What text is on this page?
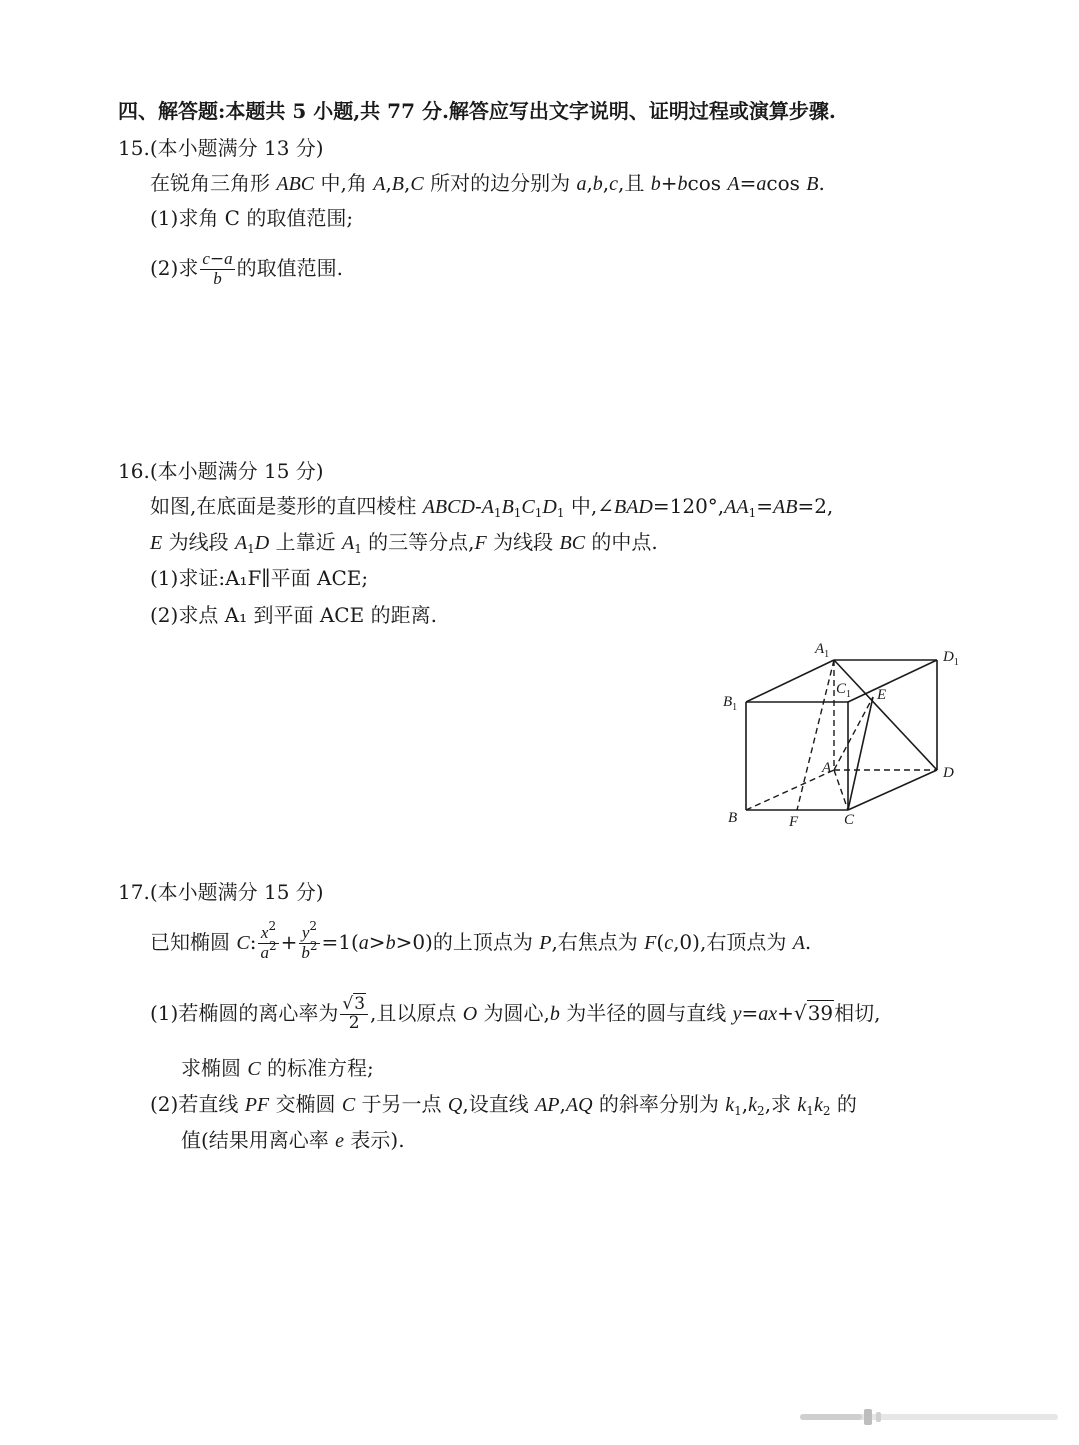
四、解答题:本题共 5 小题,共 77 分.解答应写出文字说明、证明过程或演算步骤.
15.(本小题满分 13 分)
在锐角三角形 ABC 中,角 A,B,C 所对的边分别为 a,b,c,且 b+bcos A=acos B.
(1)求角 C 的取值范围;
(2)求 $\frac{c-a}{b}$ 的取值范围.
16.(本小题满分 15 分)
如图,在底面是菱形的直四棱柱 ABCD-$A_1B_1C_1D_1$ 中$,\angle BAD=120^\circ,AA_1=AB=2$,
E 为线段 $A_1D$ 上靠近 $A_1$ 的三等分点,F 为线段 BC 的中点.
(1)求证:A₁F∥平面 ACE;
(2)求点 A₁ 到平面 ACE 的距离.
$A_1$	$D_1$
$B_1$
$C_1$ E
A	D
B	F	C
17.(本小题满分 15 分)
已知椭圆 C: $\frac{x^2}{a^2} + \frac{y^2}{b^2} =1(a>b>0)$的上顶点为 P,右焦点为 F(c,0),右顶点为 A.
(1)若椭圆的离心率为 $\frac{√3}{2}$ ,且以原点 O 为圆心,b 为半径的圆与直线 y=ax+√39相切,
求椭圆 C 的标准方程;
(2)若直线 PF 交椭圆 C 于另一点 Q,设直线 AP,AQ 的斜率分别为 $k_1,k_2$,求 $k_1k_2$ 的
值(结果用离心率 e 表示).
